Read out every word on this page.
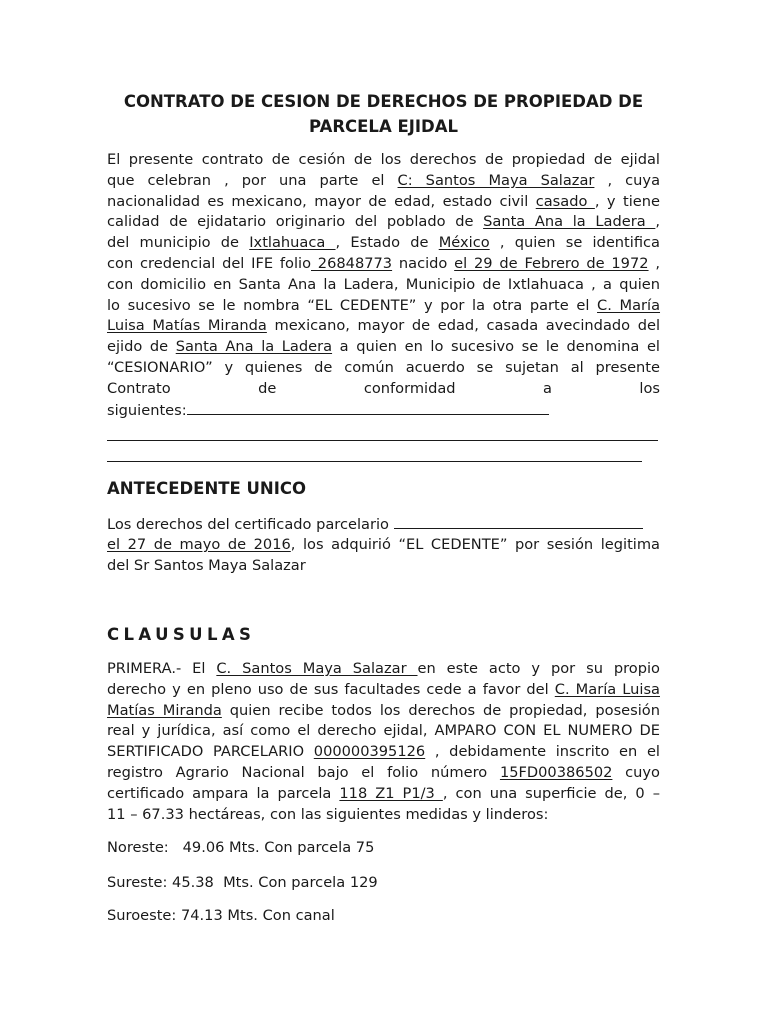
CONTRATO DE CESION DE DERECHOS DE PROPIEDAD DE
PARCELA EJIDAL
El presente contrato de cesión de los derechos de propiedad de ejidal
que celebran , por una parte el C: Santos Maya Salazar , cuya
nacionalidad es mexicano, mayor de edad, estado civil casado , y tiene
calidad de ejidatario originario del poblado de Santa Ana la Ladera ,
del municipio de Ixtlahuaca , Estado de México , quien se identifica
con credencial del IFE folio 26848773 nacido el 29 de Febrero de 1972 ,
con domicilio en Santa Ana la Ladera, Municipio de Ixtlahuaca , a quien
lo sucesivo se le nombra “EL CEDENTE” y por la otra parte el C. María
Luisa Matías Miranda mexicano, mayor de edad, casada avecindado del
ejido de Santa Ana la Ladera a quien en lo sucesivo se le denomina el
“CESIONARIO” y quienes de común acuerdo se sujetan al presente
Contrato de conformidad a los
siguientes:
ANTECEDENTE UNICO
Los derechos del certificado parcelario
el 27 de mayo de 2016, los adquirió “EL CEDENTE” por sesión legitima
del Sr Santos Maya Salazar
CLAUSULAS
PRIMERA.- El C. Santos Maya Salazar en este acto y por su propio
derecho y en pleno uso de sus facultades cede a favor del C. María Luisa
Matías Miranda quien recibe todos los derechos de propiedad, posesión
real y jurídica, así como el derecho ejidal, AMPARO CON EL NUMERO DE
SERTIFICADO PARCELARIO 000000395126 , debidamente inscrito en el
registro Agrario Nacional bajo el folio número 15FD00386502 cuyo
certificado ampara la parcela 118 Z1 P1/3 , con una superficie de, 0 –
11 – 67.33 hectáreas, con las siguientes medidas y linderos:

Noreste:   49.06 Mts. Con parcela 75

Sureste: 45.38  Mts. Con parcela 129

Suroeste: 74.13 Mts. Con canal
